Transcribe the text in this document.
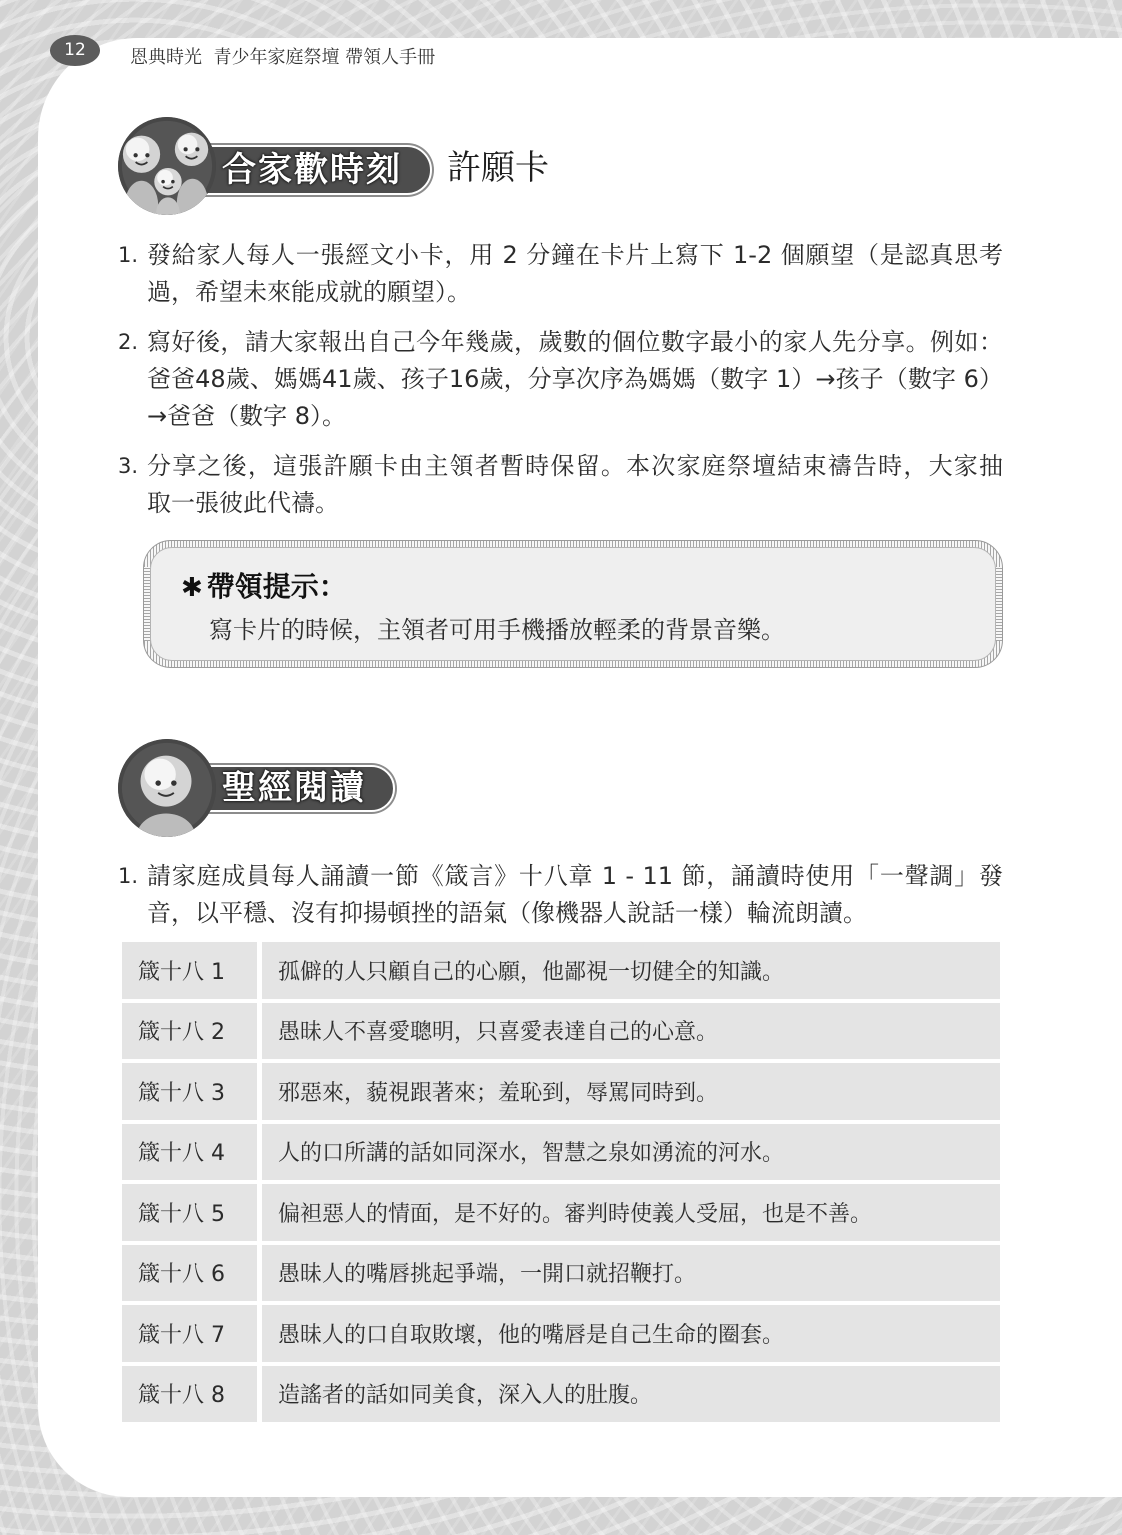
12	恩典時光  青少年家庭祭壇 帶領人手冊
合家歡時刻	許願卡
1. 發給家人每人一張經文小卡，用 2 分鐘在卡片上寫下 1-2 個願望（是認真思考
過，希望未來能成就的願望）。
2. 寫好後，請大家報出自己今年幾歲，歲數的個位數字最小的家人先分享。例如：
爸爸48歲、媽媽41歲、孩子16歲，分享次序為媽媽（數字 1）→孩子（數字 6）
→爸爸（數字 8）。
3. 分享之後，這張許願卡由主領者暫時保留。本次家庭祭壇結束禱告時，大家抽
取一張彼此代禱。
✱ 帶領提示：
寫卡片的時候，主領者可用手機播放輕柔的背景音樂。
聖經閱讀
1. 請家庭成員每人誦讀一節《箴言》十八章 1 - 11 節，誦讀時使用「一聲調」發
音，以平穩、沒有抑揚頓挫的語氣（像機器人說話一樣）輪流朗讀。
箴十八 1	孤僻的人只顧自己的心願，他鄙視一切健全的知識。
箴十八 2	愚昧人不喜愛聰明，只喜愛表達自己的心意。
箴十八 3	邪惡來，藐視跟著來；羞恥到，辱罵同時到。
箴十八 4	人的口所講的話如同深水，智慧之泉如湧流的河水。
箴十八 5	偏袒惡人的情面，是不好的。審判時使義人受屈，也是不善。
箴十八 6	愚昧人的嘴唇挑起爭端，一開口就招鞭打。
箴十八 7	愚昧人的口自取敗壞，他的嘴唇是自己生命的圈套。
箴十八 8	造謠者的話如同美食，深入人的肚腹。
